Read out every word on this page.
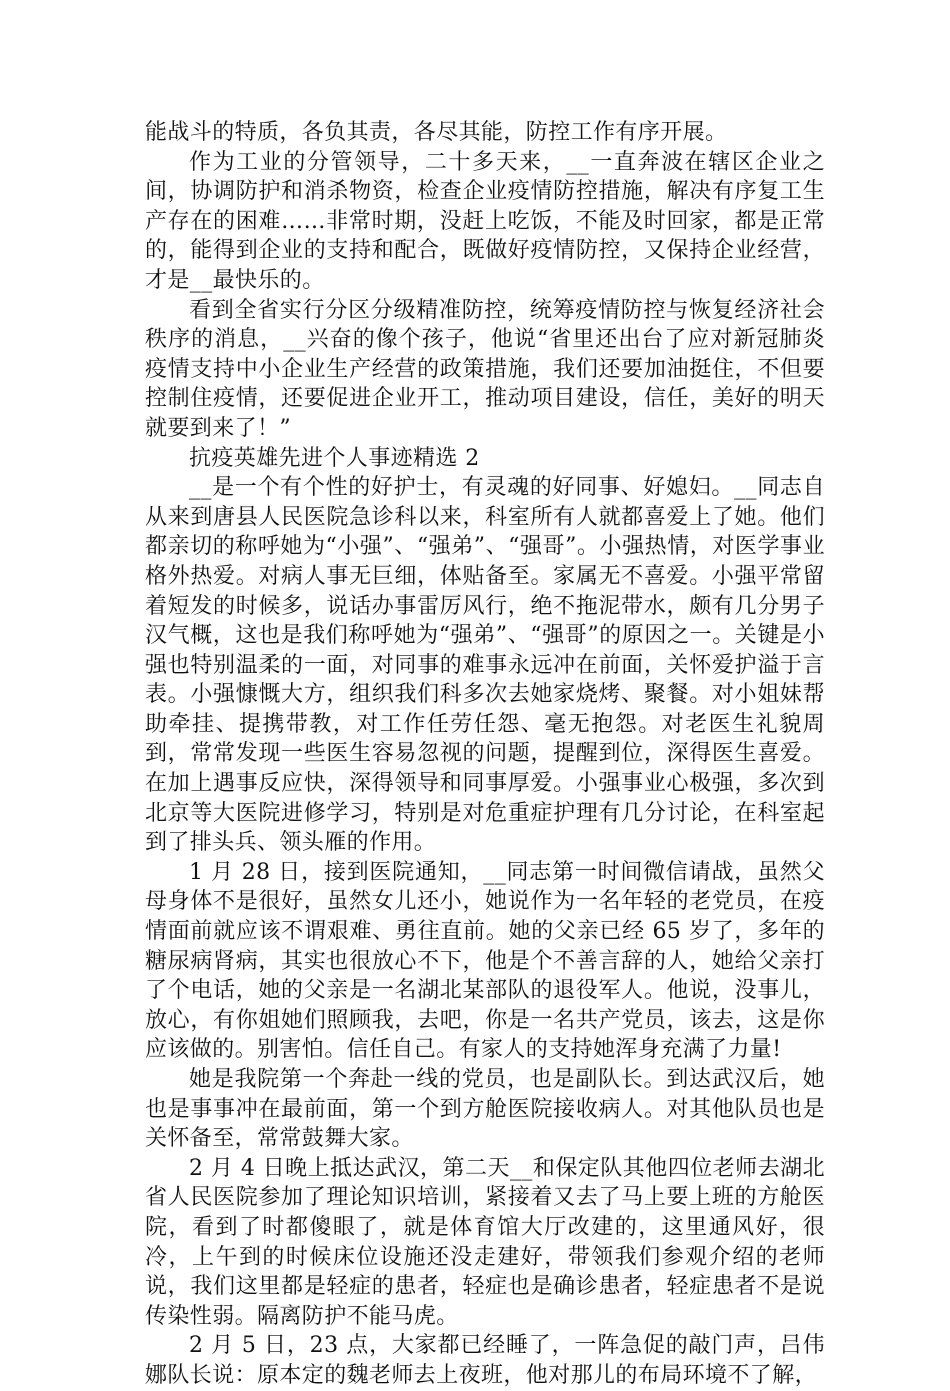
能战斗的特质，各负其责，各尽其能，防控工作有序开展。

作为工业的分管领导，二十多天来，__一直奔波在辖区企业之间，协调防护和消杀物资，检查企业疫情防控措施，解决有序复工生产存在的困难……非常时期，没赶上吃饭，不能及时回家，都是正常的，能得到企业的支持和配合，既做好疫情防控，又保持企业经营，才是__最快乐的。

看到全省实行分区分级精准防控，统筹疫情防控与恢复经济社会秩序的消息，__兴奋的像个孩子，他说“省里还出台了应对新冠肺炎疫情支持中小企业生产经营的政策措施，我们还要加油挺住，不但要控制住疫情，还要促进企业开工，推动项目建设，信任，美好的明天就要到来了！”

抗疫英雄先进个人事迹精选 2

__是一个有个性的好护士，有灵魂的好同事、好媳妇。__同志自从来到唐县人民医院急诊科以来，科室所有人就都喜爱上了她。他们都亲切的称呼她为“小强”、“强弟”、“强哥”。小强热情，对医学事业格外热爱。对病人事无巨细，体贴备至。家属无不喜爱。小强平常留着短发的时候多，说话办事雷厉风行，绝不拖泥带水，颇有几分男子汉气概，这也是我们称呼她为“强弟”、“强哥”的原因之一。关键是小强也特别温柔的一面，对同事的难事永远冲在前面，关怀爱护溢于言表。小强慷慨大方，组织我们科多次去她家烧烤、聚餐。对小姐妹帮助牵挂、提携带教，对工作任劳任怨、毫无抱怨。对老医生礼貌周到，常常发现一些医生容易忽视的问题，提醒到位，深得医生喜爱。在加上遇事反应快，深得领导和同事厚爱。小强事业心极强，多次到北京等大医院进修学习，特别是对危重症护理有几分讨论，在科室起到了排头兵、领头雁的作用。

1 月 28 日，接到医院通知，__同志第一时间微信请战，虽然父母身体不是很好，虽然女儿还小，她说作为一名年轻的老党员，在疫情面前就应该不谓艰难、勇往直前。她的父亲已经 65 岁了，多年的糖尿病肾病，其实也很放心不下，他是个不善言辞的人，她给父亲打了个电话，她的父亲是一名湖北某部队的退役军人。他说，没事儿，放心，有你姐她们照顾我，去吧，你是一名共产党员，该去，这是你应该做的。别害怕。信任自己。有家人的支持她浑身充满了力量!

她是我院第一个奔赴一线的党员，也是副队长。到达武汉后，她也是事事冲在最前面，第一个到方舱医院接收病人。对其他队员也是关怀备至，常常鼓舞大家。

2 月 4 日晚上抵达武汉，第二天__和保定队其他四位老师去湖北省人民医院参加了理论知识培训，紧接着又去了马上要上班的方舱医院，看到了时都傻眼了，就是体育馆大厅改建的，这里通风好，很冷，上午到的时候床位设施还没走建好，带领我们参观介绍的老师说，我们这里都是轻症的患者，轻症也是确诊患者，轻症患者不是说传染性弱。隔离防护不能马虎。

2 月 5 日，23 点，大家都已经睡了，一阵急促的敲门声，吕伟娜队长说：原本定的魏老师去上夜班，他对那儿的布局环境不了解，
